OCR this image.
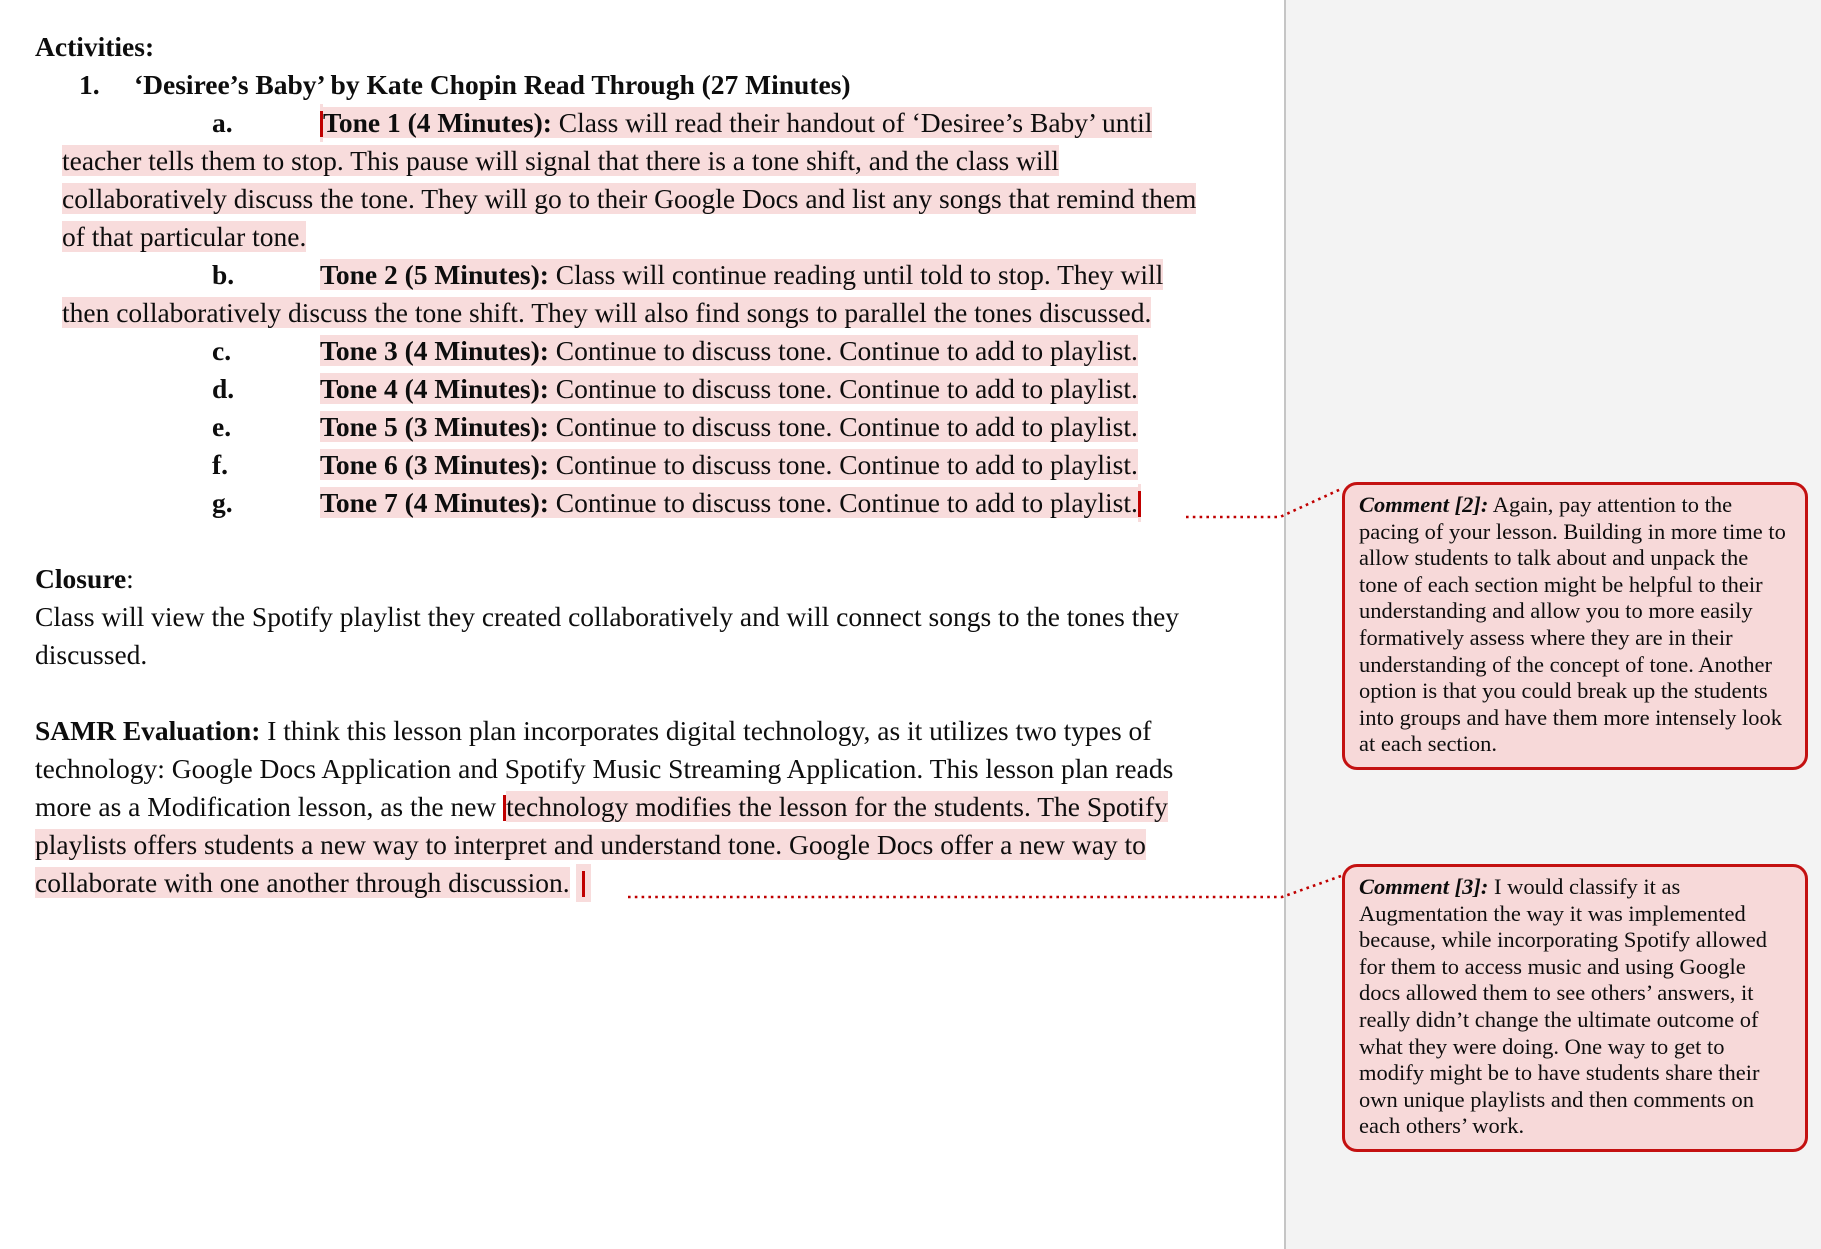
Activities:
1. ‘Desiree’s Baby’ by Kate Chopin Read Through (27 Minutes)
a.	Tone 1 (4 Minutes): Class will read their handout of ‘Desiree’s Baby’ until
teacher tells them to stop. This pause will signal that there is a tone shift, and the class will
collaboratively discuss the tone. They will go to their Google Docs and list any songs that remind them
of that particular tone.
b.	Tone 2 (5 Minutes): Class will continue reading until told to stop. They will
then collaboratively discuss the tone shift. They will also find songs to parallel the tones discussed.
c.	Tone 3 (4 Minutes): Continue to discuss tone. Continue to add to playlist.
d.	Tone 4 (4 Minutes): Continue to discuss tone. Continue to add to playlist.
e.	Tone 5 (3 Minutes): Continue to discuss tone. Continue to add to playlist.
f.	Tone 6 (3 Minutes): Continue to discuss tone. Continue to add to playlist.
g.	Tone 7 (4 Minutes): Continue to discuss tone. Continue to add to playlist.
Closure:
Class will view the Spotify playlist they created collaboratively and will connect songs to the tones they
discussed.
SAMR Evaluation: I think this lesson plan incorporates digital technology, as it utilizes two types of
technology: Google Docs Application and Spotify Music Streaming Application. This lesson plan reads
more as a Modification lesson, as the new technology modifies the lesson for the students. The Spotify
playlists offers students a new way to interpret and understand tone. Google Docs offer a new way to
collaborate with one another through discussion.
Comment [2]: Again, pay attention to the pacing of your lesson. Building in more time to allow students to talk about and unpack the tone of each section might be helpful to their understanding and allow you to more easily formatively assess where they are in their understanding of the concept of tone. Another option is that you could break up the students into groups and have them more intensely look at each section.
Comment [3]: I would classify it as Augmentation the way it was implemented because, while incorporating Spotify allowed for them to access music and using Google docs allowed them to see others’ answers, it really didn’t change the ultimate outcome of what they were doing. One way to get to modify might be to have students share their own unique playlists and then comments on each others’ work.
